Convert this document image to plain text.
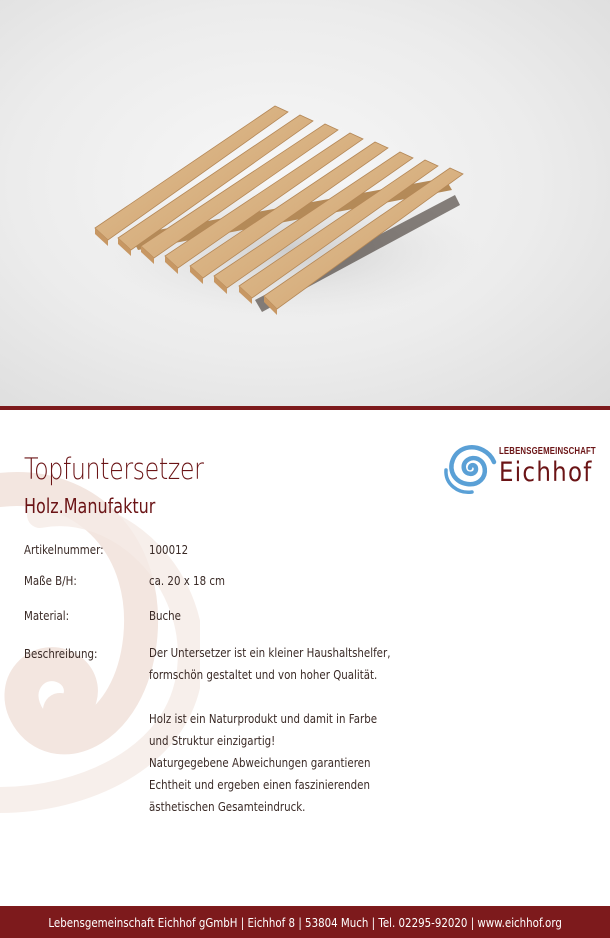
Topfuntersetzer
Holz.Manufaktur
LEBENSGEMEINSCHAFT
Eichhof
Artikelnummer:	100012
Maße B/H:	ca. 20 x 18 cm
Material:	Buche
Beschreibung:	Der Untersetzer ist ein kleiner Haushaltshelfer,
formschön gestaltet und von hoher Qualität.
Holz ist ein Naturprodukt und damit in Farbe
und Struktur einzigartig!
Naturgegebene Abweichungen garantieren
Echtheit und ergeben einen faszinierenden
ästhetischen Gesamteindruck.
Lebensgemeinschaft Eichhof gGmbH | Eichhof 8 | 53804 Much | Tel. 02295-92020 | www.eichhof.org
